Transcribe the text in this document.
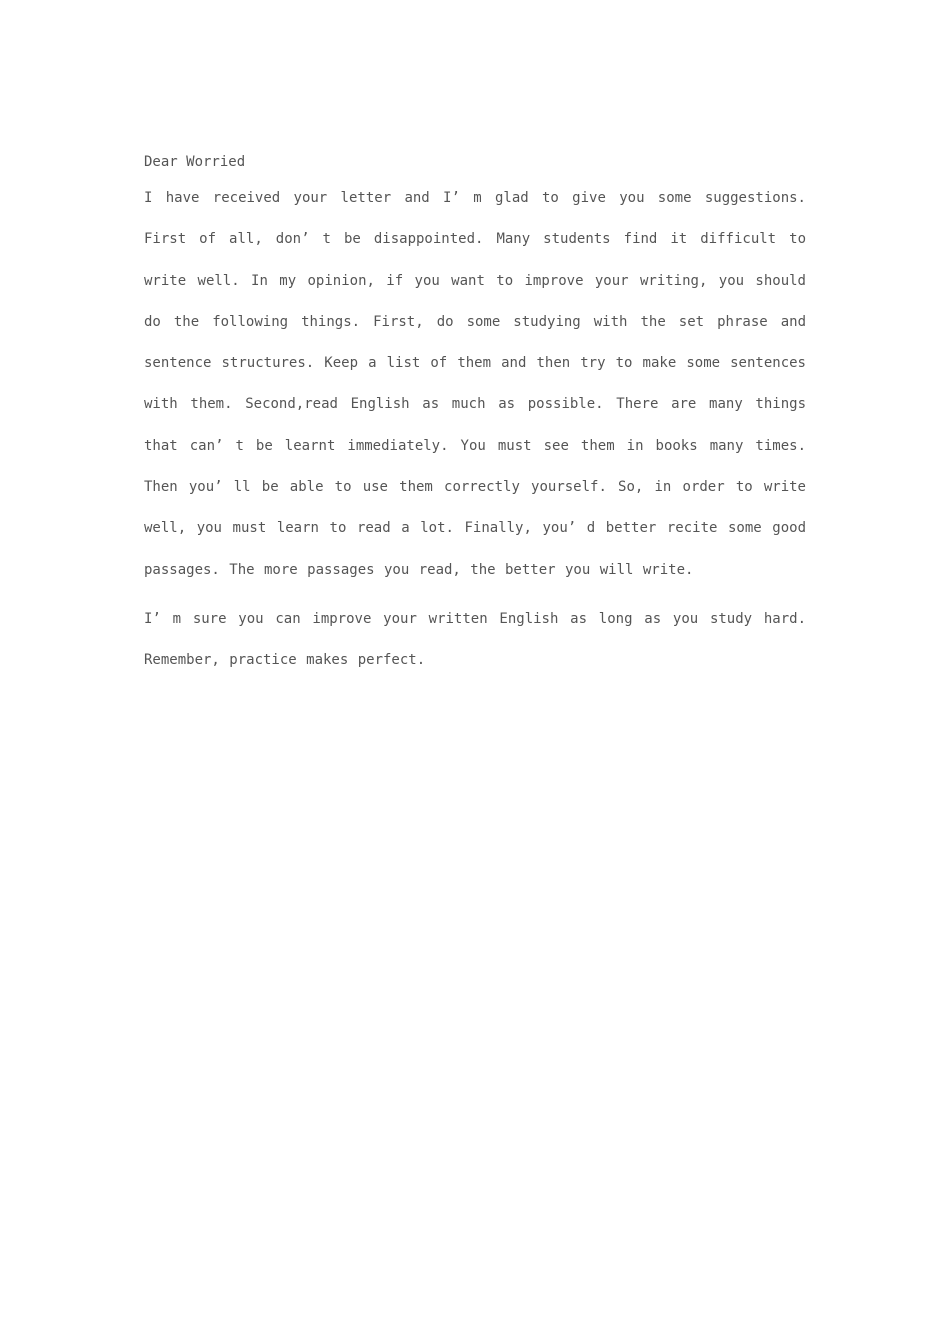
Dear Worried

I have received your letter and I’ m glad to give you some suggestions. First of all, don’ t be disappointed. Many students find it difficult to write well. In my opinion, if you want to improve your writing, you should do the following things. First, do some studying with the set phrase and sentence structures. Keep a list of them and then try to make some sentences with them. Second,read English as much as possible. There are many things that can’ t be learnt immediately. You must see them in books many times. Then you’ ll be able to use them correctly yourself. So, in order to write well, you must learn to read a lot. Finally, you’ d better recite some good passages. The more passages you read, the better you will write.

I’ m sure you can improve your written English as long as you study hard. Remember, practice makes perfect.
